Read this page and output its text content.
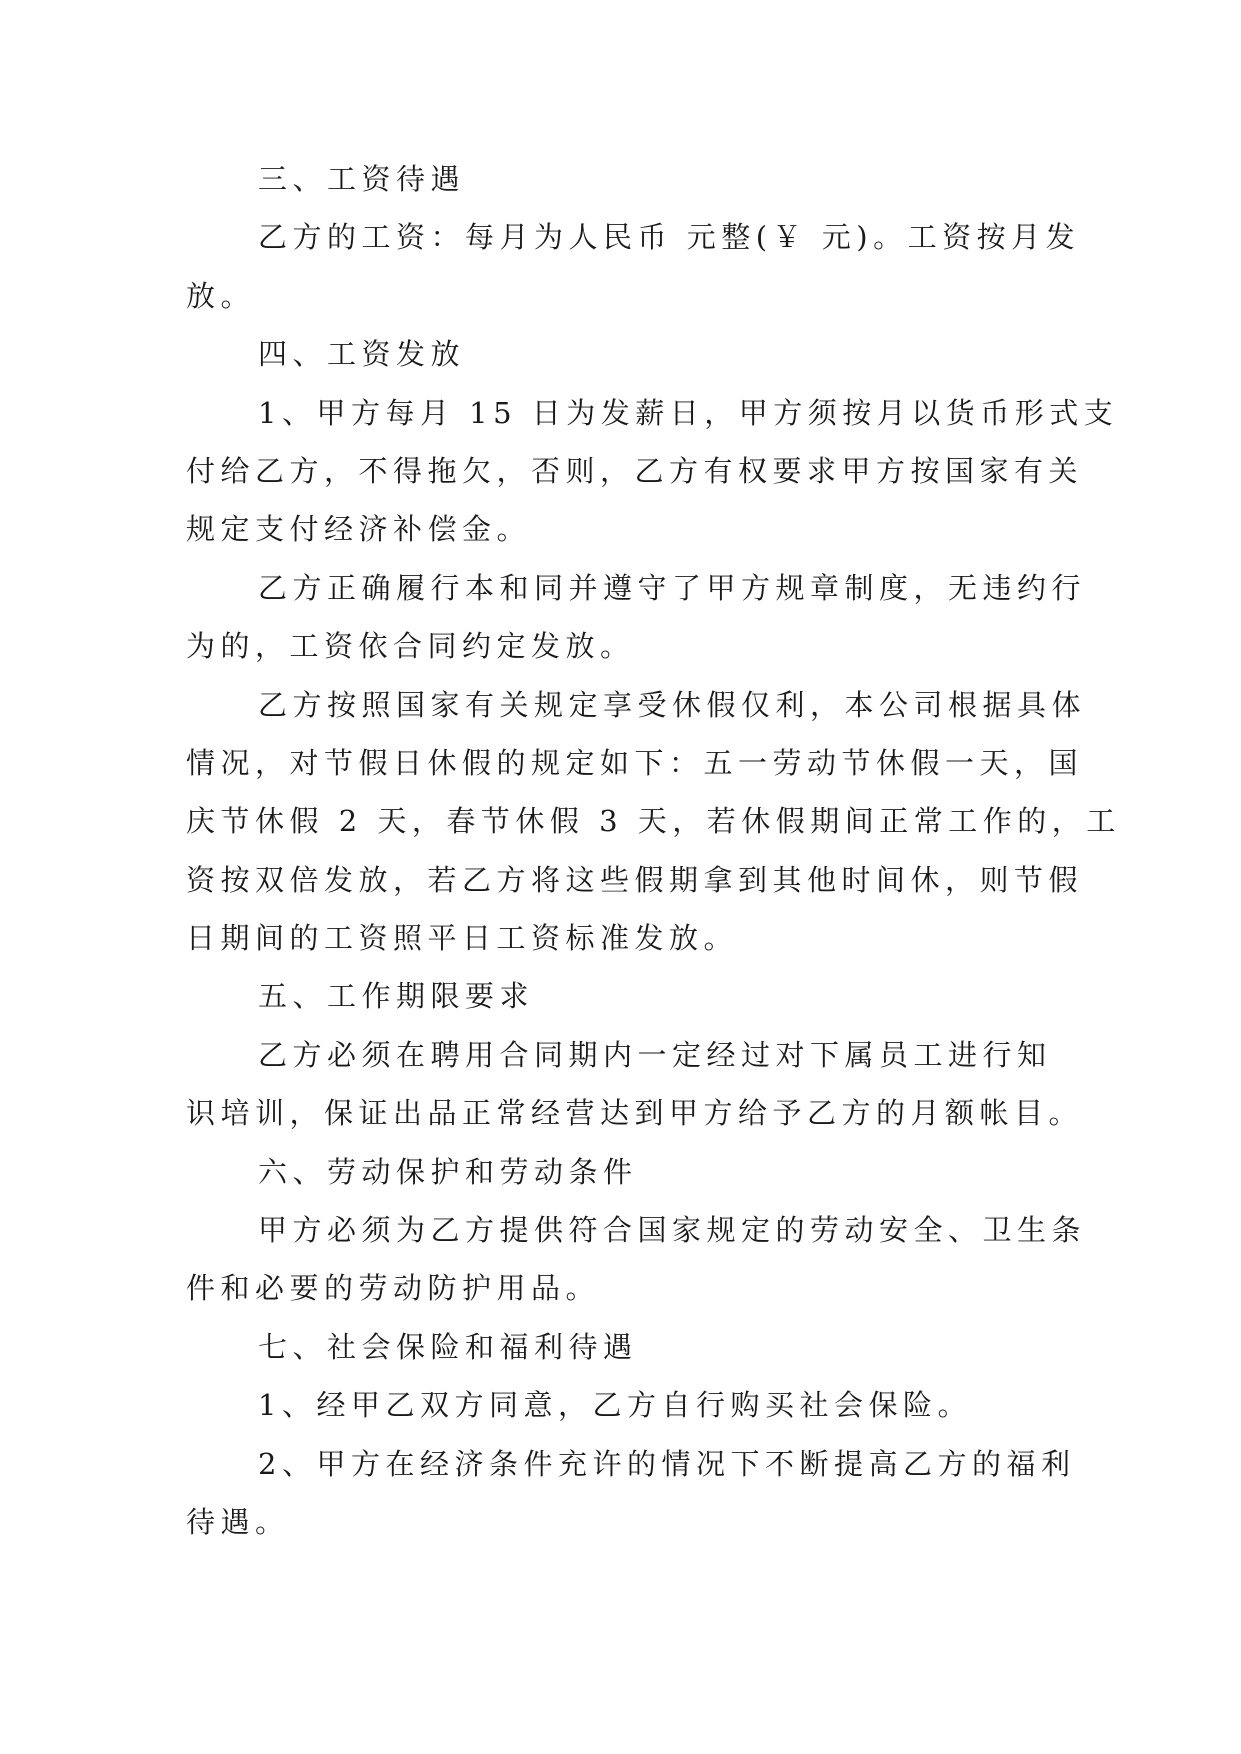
三、工资待遇
乙方的工资：每月为人民币 元整(￥ 元)。工资按月发
放。
四、工资发放
1、甲方每月 15 日为发薪日，甲方须按月以货币形式支
付给乙方，不得拖欠，否则，乙方有权要求甲方按国家有关
规定支付经济补偿金。
乙方正确履行本和同并遵守了甲方规章制度，无违约行
为的，工资依合同约定发放。
乙方按照国家有关规定享受休假仅利，本公司根据具体
情况，对节假日休假的规定如下：五一劳动节休假一天，国
庆节休假 2 天，春节休假 3 天，若休假期间正常工作的，工
资按双倍发放，若乙方将这些假期拿到其他时间休，则节假
日期间的工资照平日工资标准发放。
五、工作期限要求
乙方必须在聘用合同期内一定经过对下属员工进行知
识培训，保证出品正常经营达到甲方给予乙方的月额帐目。
六、劳动保护和劳动条件
甲方必须为乙方提供符合国家规定的劳动安全、卫生条
件和必要的劳动防护用品。
七、社会保险和福利待遇
1、经甲乙双方同意，乙方自行购买社会保险。
2、甲方在经济条件充许的情况下不断提高乙方的福利
待遇。
